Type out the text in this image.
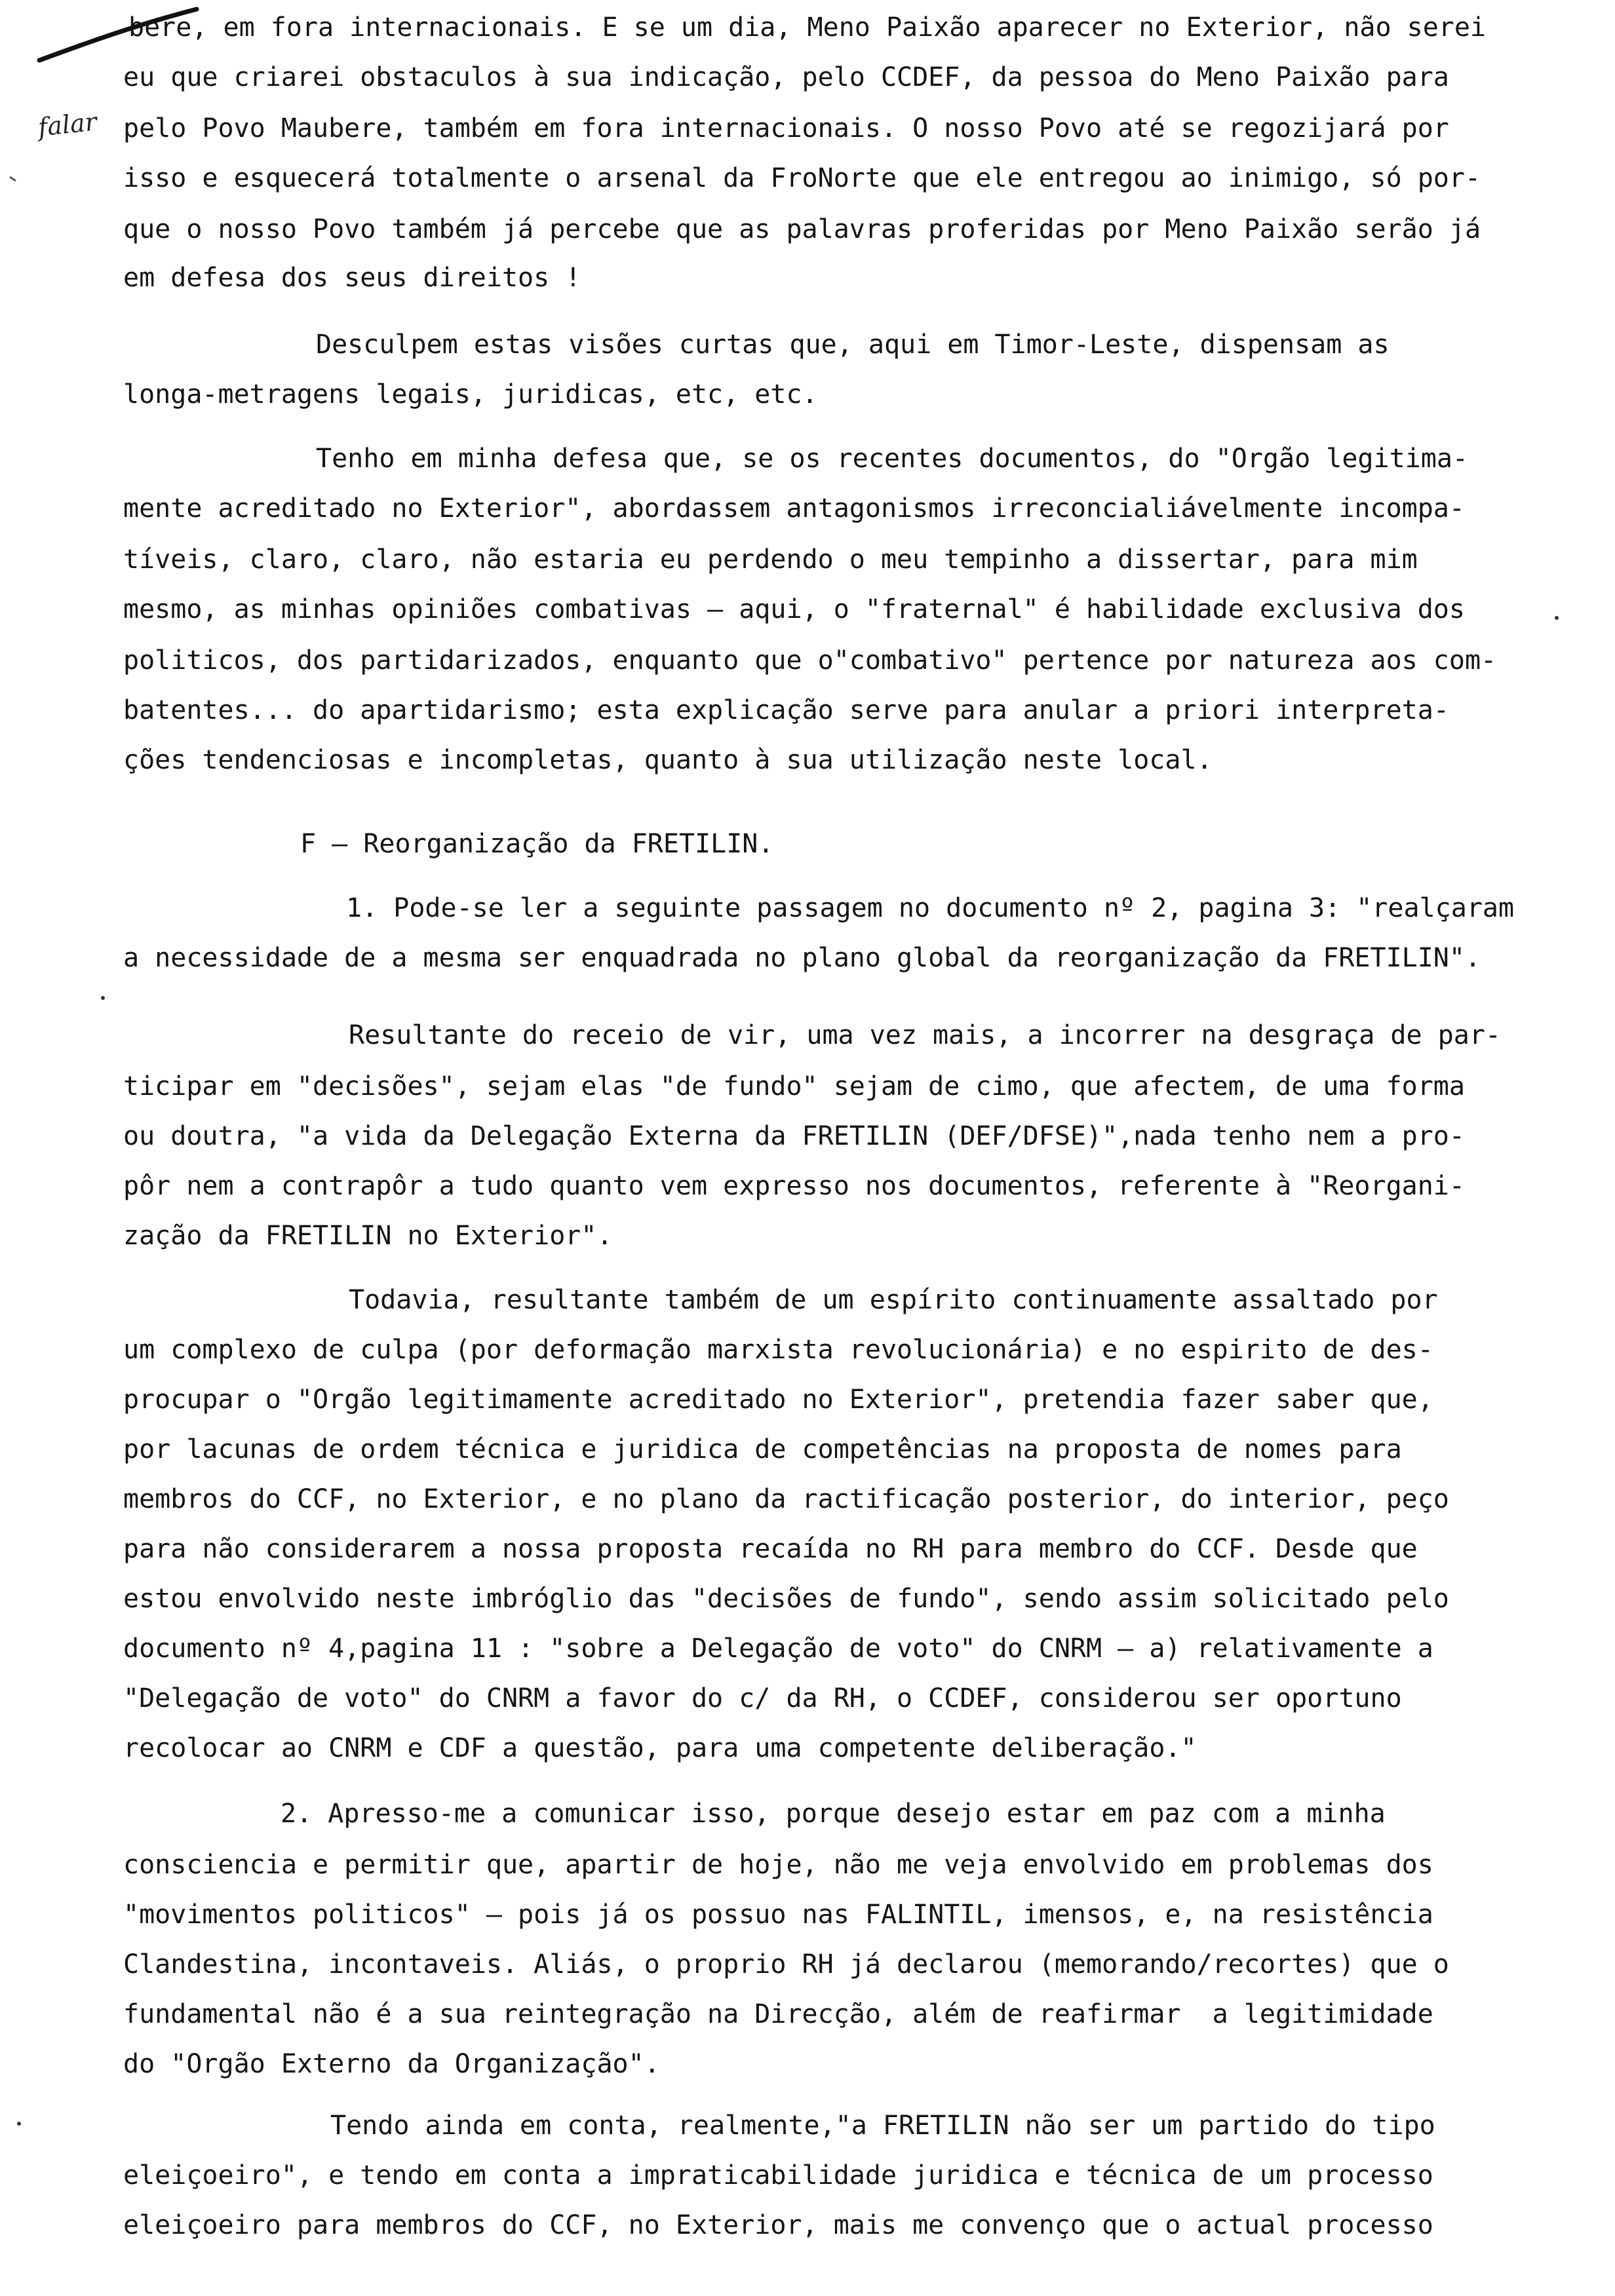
falar
bere, em fora internacionais. E se um dia, Meno Paixão aparecer no Exterior, não serei
eu que criarei obstaculos à sua indicação, pelo CCDEF, da pessoa do Meno Paixão para
pelo Povo Maubere, também em fora internacionais. O nosso Povo até se regozijará por
isso e esquecerá totalmente o arsenal da FroNorte que ele entregou ao inimigo, só por-
que o nosso Povo também já percebe que as palavras proferidas por Meno Paixão serão já
em defesa dos seus direitos !
Desculpem estas visões curtas que, aqui em Timor-Leste, dispensam as
longa-metragens legais, juridicas, etc, etc.
Tenho em minha defesa que, se os recentes documentos, do "Orgão legitima-
mente acreditado no Exterior", abordassem antagonismos irreconcialiávelmente incompa-
tíveis, claro, claro, não estaria eu perdendo o meu tempinho a dissertar, para mim
mesmo, as minhas opiniões combativas — aqui, o "fraternal" é habilidade exclusiva dos
politicos, dos partidarizados, enquanto que o"combativo" pertence por natureza aos com-
batentes... do apartidarismo; esta explicação serve para anular a priori interpreta-
ções tendenciosas e incompletas, quanto à sua utilização neste local.
F — Reorganização da FRETILIN.
1. Pode-se ler a seguinte passagem no documento nº 2, pagina 3: "realçaram
a necessidade de a mesma ser enquadrada no plano global da reorganização da FRETILIN".
Resultante do receio de vir, uma vez mais, a incorrer na desgraça de par-
ticipar em "decisões", sejam elas "de fundo" sejam de cimo, que afectem, de uma forma
ou doutra, "a vida da Delegação Externa da FRETILIN (DEF/DFSE)",nada tenho nem a pro-
pôr nem a contrapôr a tudo quanto vem expresso nos documentos, referente à "Reorgani-
zação da FRETILIN no Exterior".
Todavia, resultante também de um espírito continuamente assaltado por
um complexo de culpa (por deformação marxista revolucionária) e no espirito de des-
procupar o "Orgão legitimamente acreditado no Exterior", pretendia fazer saber que,
por lacunas de ordem técnica e juridica de competências na proposta de nomes para
membros do CCF, no Exterior, e no plano da ractificação posterior, do interior, peço
para não considerarem a nossa proposta recaída no RH para membro do CCF. Desde que
estou envolvido neste imbróglio das "decisões de fundo", sendo assim solicitado pelo
documento nº 4,pagina 11 : "sobre a Delegação de voto" do CNRM — a) relativamente a
"Delegação de voto" do CNRM a favor do c/ da RH, o CCDEF, considerou ser oportuno
recolocar ao CNRM e CDF a questão, para uma competente deliberação."
2. Apresso-me a comunicar isso, porque desejo estar em paz com a minha
consciencia e permitir que, apartir de hoje, não me veja envolvido em problemas dos
"movimentos politicos" — pois já os possuo nas FALINTIL, imensos, e, na resistência
Clandestina, incontaveis. Aliás, o proprio RH já declarou (memorando/recortes) que o
fundamental não é a sua reintegração na Direcção, além de reafirmar  a legitimidade
do "Orgão Externo da Organização".
Tendo ainda em conta, realmente,"a FRETILIN não ser um partido do tipo
eleiçoeiro", e tendo em conta a impraticabilidade juridica e técnica de um processo
eleiçoeiro para membros do CCF, no Exterior, mais me convenço que o actual processo
